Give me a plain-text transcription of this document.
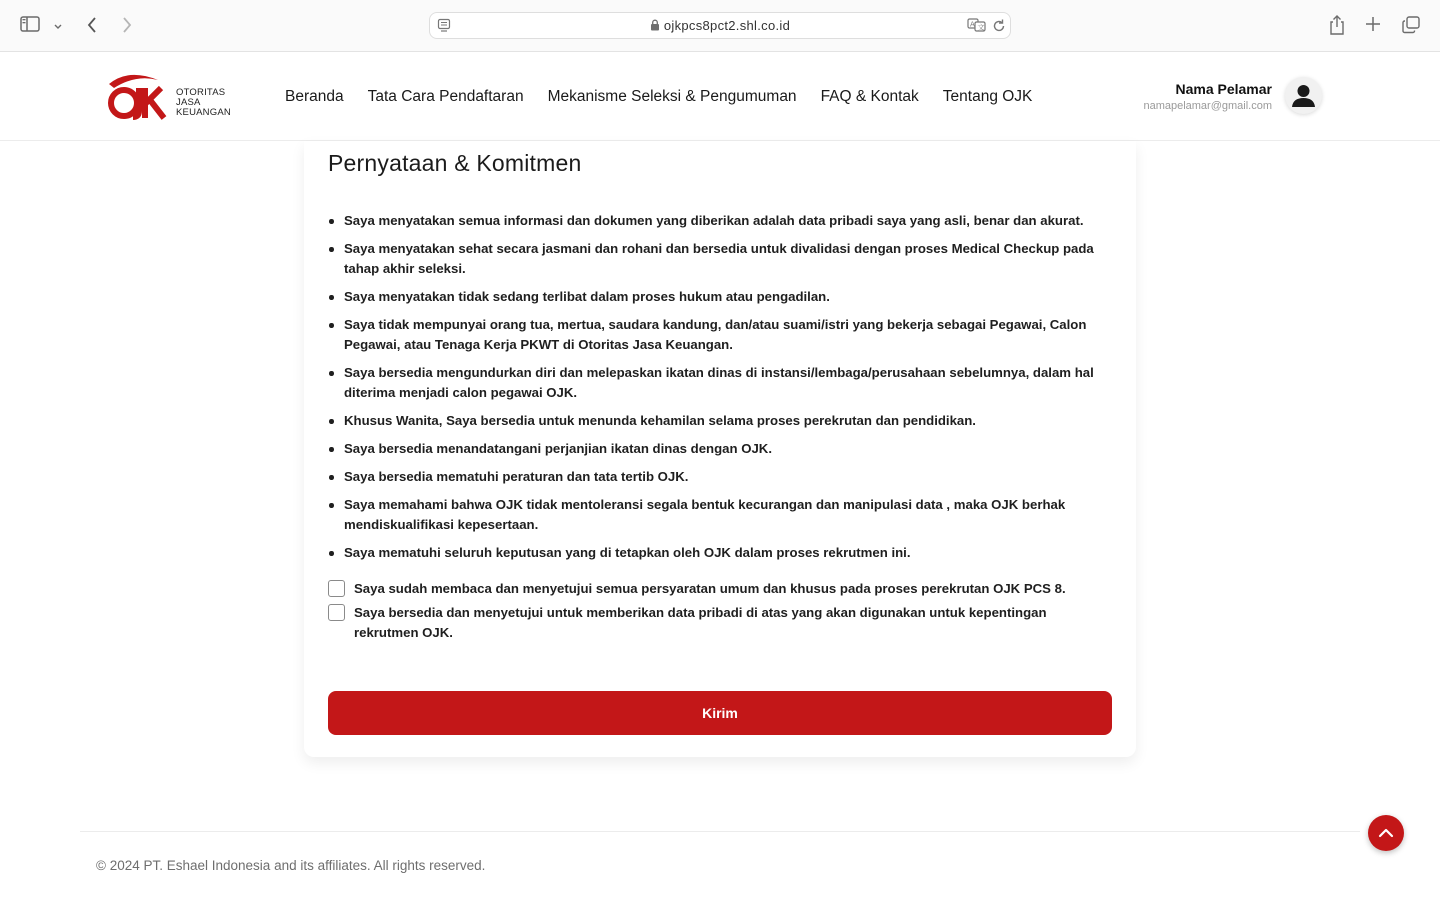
ojkpcs8pct2.shl.co.id	A 文
OTORITAS
JASA
KEUANGAN
Beranda Tata Cara Pendaftaran Mekanisme Seleksi & Pengumuman FAQ & Kontak Tentang OJK	Nama Pelamar
namapelamar@gmail.com
Pernyataan & Komitmen
Saya menyatakan semua informasi dan dokumen yang diberikan adalah data pribadi saya yang asli, benar dan akurat.
Saya menyatakan sehat secara jasmani dan rohani dan bersedia untuk divalidasi dengan proses Medical Checkup pada tahap akhir seleksi.
Saya menyatakan tidak sedang terlibat dalam proses hukum atau pengadilan.
Saya tidak mempunyai orang tua, mertua, saudara kandung, dan/atau suami/istri yang bekerja sebagai Pegawai, Calon Pegawai, atau Tenaga Kerja PKWT di Otoritas Jasa Keuangan.
Saya bersedia mengundurkan diri dan melepaskan ikatan dinas di instansi/lembaga/perusahaan sebelumnya, dalam hal diterima menjadi calon pegawai OJK.
Khusus Wanita, Saya bersedia untuk menunda kehamilan selama proses perekrutan dan pendidikan.
Saya bersedia menandatangani perjanjian ikatan dinas dengan OJK.
Saya bersedia mematuhi peraturan dan tata tertib OJK.
Saya memahami bahwa OJK tidak mentoleransi segala bentuk kecurangan dan manipulasi data , maka OJK berhak mendiskualifikasi kepesertaan.
Saya mematuhi seluruh keputusan yang di tetapkan oleh OJK dalam proses rekrutmen ini.
Saya sudah membaca dan menyetujui semua persyaratan umum dan khusus pada proses perekrutan OJK PCS 8.
Saya bersedia dan menyetujui untuk memberikan data pribadi di atas yang akan digunakan untuk kepentingan rekrutmen OJK.
Kirim
© 2024 PT. Eshael Indonesia and its affiliates. All rights reserved.
